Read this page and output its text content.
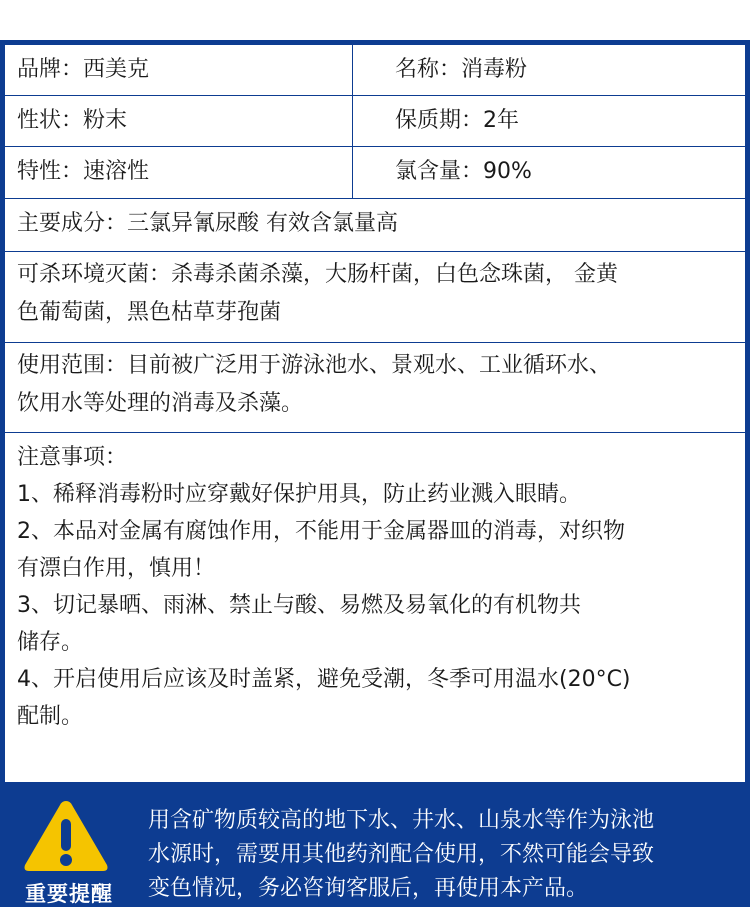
品牌：西美克	名称：消毒粉
性状：粉末	保质期：2年
特性：速溶性	氯含量：90%
主要成分：三氯异氰尿酸 有效含氯量高
可杀环境灭菌：杀毒杀菌杀藻，大肠杆菌，白色念珠菌， 金黄
色葡萄菌，黑色枯草芽孢菌
使用范围：目前被广泛用于游泳池水、景观水、工业循环水、
饮用水等处理的消毒及杀藻。
注意事项：
1、稀释消毒粉时应穿戴好保护用具，防止药业溅入眼睛。
2、本品对金属有腐蚀作用，不能用于金属器皿的消毒，对织物
有漂白作用，慎用！
3、切记暴晒、雨淋、禁止与酸、易燃及易氧化的有机物共
储存。
4、开启使用后应该及时盖紧，避免受潮，冬季可用温水(20°C)
配制。
重要提醒
用含矿物质较高的地下水、井水、山泉水等作为泳池
水源时，需要用其他药剂配合使用，不然可能会导致
变色情况，务必咨询客服后，再使用本产品。
